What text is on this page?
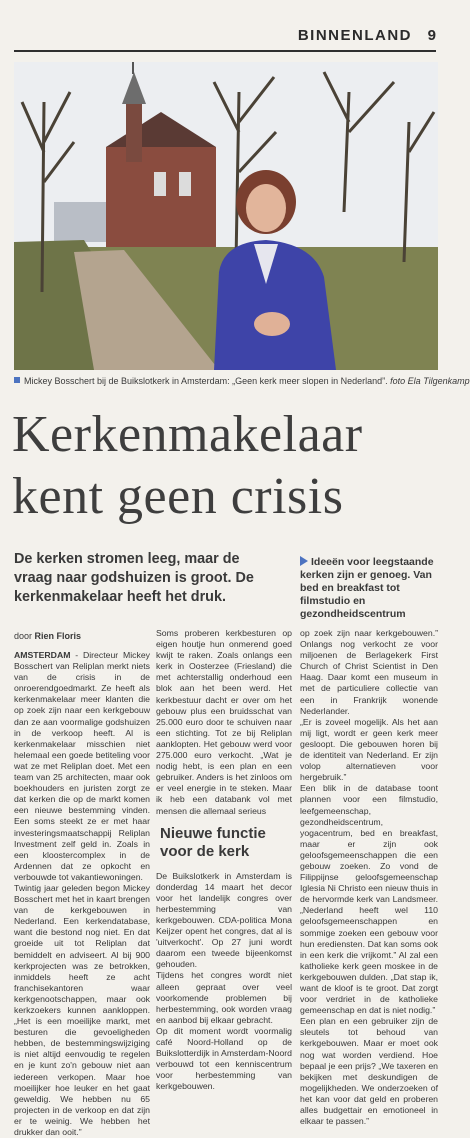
BINNENLAND 9
Mickey Bosschert bij de Buikslotkerk in Amsterdam: „Geen kerk meer slopen in Nederland”. foto Ela Tilgenkamp
Kerkenmakelaar
kent geen crisis
De kerken stromen leeg, maar de vraag naar godshuizen is groot. De kerkenmakelaar heeft het druk.
Ideeën voor leegstaande kerken zijn er genoeg. Van bed en breakfast tot filmstudio en gezondheidscentrum
door Rien Floris

AMSTERDAM - Directeur Mickey Bosschert van Reliplan merkt niets van de crisis in de onroerendgoedmarkt. Ze heeft als kerkenmakelaar meer klanten die op zoek zijn naar een kerkgebouw dan ze aan voormalige godshuizen in de verkoop heeft. Al is kerkenmakelaar misschien niet helemaal een goede betiteling voor wat ze met Reliplan doet. Met een team van 25 architecten, maar ook boekhouders en juristen zorgt ze dat kerken die op de markt komen een nieuwe bestemming vinden. Een soms steekt ze er met haar investeringsmaatschappij Reliplan Investment zelf geld in. Zoals in een kloostercomplex in de Ardennen dat ze opkocht en verbouwde tot vakantiewoningen.

Twintig jaar geleden begon Mickey Bosschert met het in kaart brengen van de kerkgebouwen in Nederland. Een kerkendatabase, want die bestond nog niet. En dat groeide uit tot Reliplan dat bemiddelt en adviseert. Al bij 900 kerkprojecten was ze betrokken, inmiddels heeft ze acht franchisekantoren waar kerkgenootschappen, maar ook kerkzoekers kunnen aankloppen. „Het is een moeilijke markt, met besturen die gevoeligheden hebben, de bestemmingswijziging is niet altijd eenvoudig te regelen en je kunt zo'n gebouw niet aan iedereen verkopen. Maar hoe moeilijker hoe leuker en het gaat geweldig. We hebben nu 65 projecten in de verkoop en dat zijn er te weinig. We hebben het drukker dan ooit.”

Soms proberen kerkbesturen op eigen houtje hun onmerend goed kwijt te raken. Zoals onlangs een kerk in Oosterzee (Friesland) die met achterstallig onderhoud een blok aan het been werd. Het kerkbestuur dacht er over om het gebouw plus een bruidsschat van 25.000 euro door te schuiven naar een stichting. Tot ze bij Reliplan aanklopten. Het gebouw werd voor 275.000 euro verkocht. „Wat je nodig hebt, is een plan en een gebruiker. Anders is het zinloos om er veel energie in te steken. Maar ik heb een databank vol met mensen die allemaal serieus

Nieuwe functie voor de kerk

De Buikslotkerk in Amsterdam is donderdag 14 maart het decor voor het landelijk congres over herbestemming van kerkgebouwen. CDA-politica Mona Keijzer opent het congres, dat al is 'uitverkocht'. Op 27 juni wordt daarom een tweede bijeenkomst gehouden.

Tijdens het congres wordt niet alleen gepraat over veel voorkomende problemen bij herbestemming, ook worden vraag en aanbod bij elkaar gebracht.

Op dit moment wordt voormalig café Noord-Holland op de Buikslotterdijk in Amsterdam-Noord verbouwd tot een kenniscentrum voor herbestemming van kerkgebouwen.

op zoek zijn naar kerkgebouwen.” Onlangs nog verkocht ze voor miljoenen de Berlagekerk First Church of Christ Scientist in Den Haag. Daar komt een museum in met de particuliere collectie van een in Frankrijk wonende Nederlander.

„Er is zoveel mogelijk. Als het aan mij ligt, wordt er geen kerk meer gesloopt. Die gebouwen horen bij de identiteit van Nederland. Er zijn volop alternatieven voor hergebruik.”

Een blik in de database toont plannen voor een filmstudio, leefgemeenschap, gezondheidscentrum, yogacentrum, bed en breakfast, maar er zijn ook geloofsgemeenschappen die een gebouw zoeken. Zo vond de Filippijnse geloofsgemeenschap Iglesia Ni Christo een nieuw thuis in de hervormde kerk van Landsmeer. „Nederland heeft wel 110 geloofsgemeenschappen en sommige zoeken een gebouw voor hun erediensten. Dat kan soms ook in een kerk die vrijkomt.” Al zal een katholieke kerk geen moskee in de kerkgebouwen dulden. „Dat stap ik, want de kloof is te groot. Dat zorgt voor verdriet in de katholieke gemeenschap en dat is niet nodig.”

Een plan en een gebruiker zijn de sleutels tot behoud van kerkgebouwen. Maar er moet ook nog wat worden verdiend. Hoe bepaal je een prijs? „We taxeren en bekijken met deskundigen de mogelijkheden. We onderzoeken of het kan voor dat geld en proberen alles budgettair en emotioneel in elkaar te passen.”
